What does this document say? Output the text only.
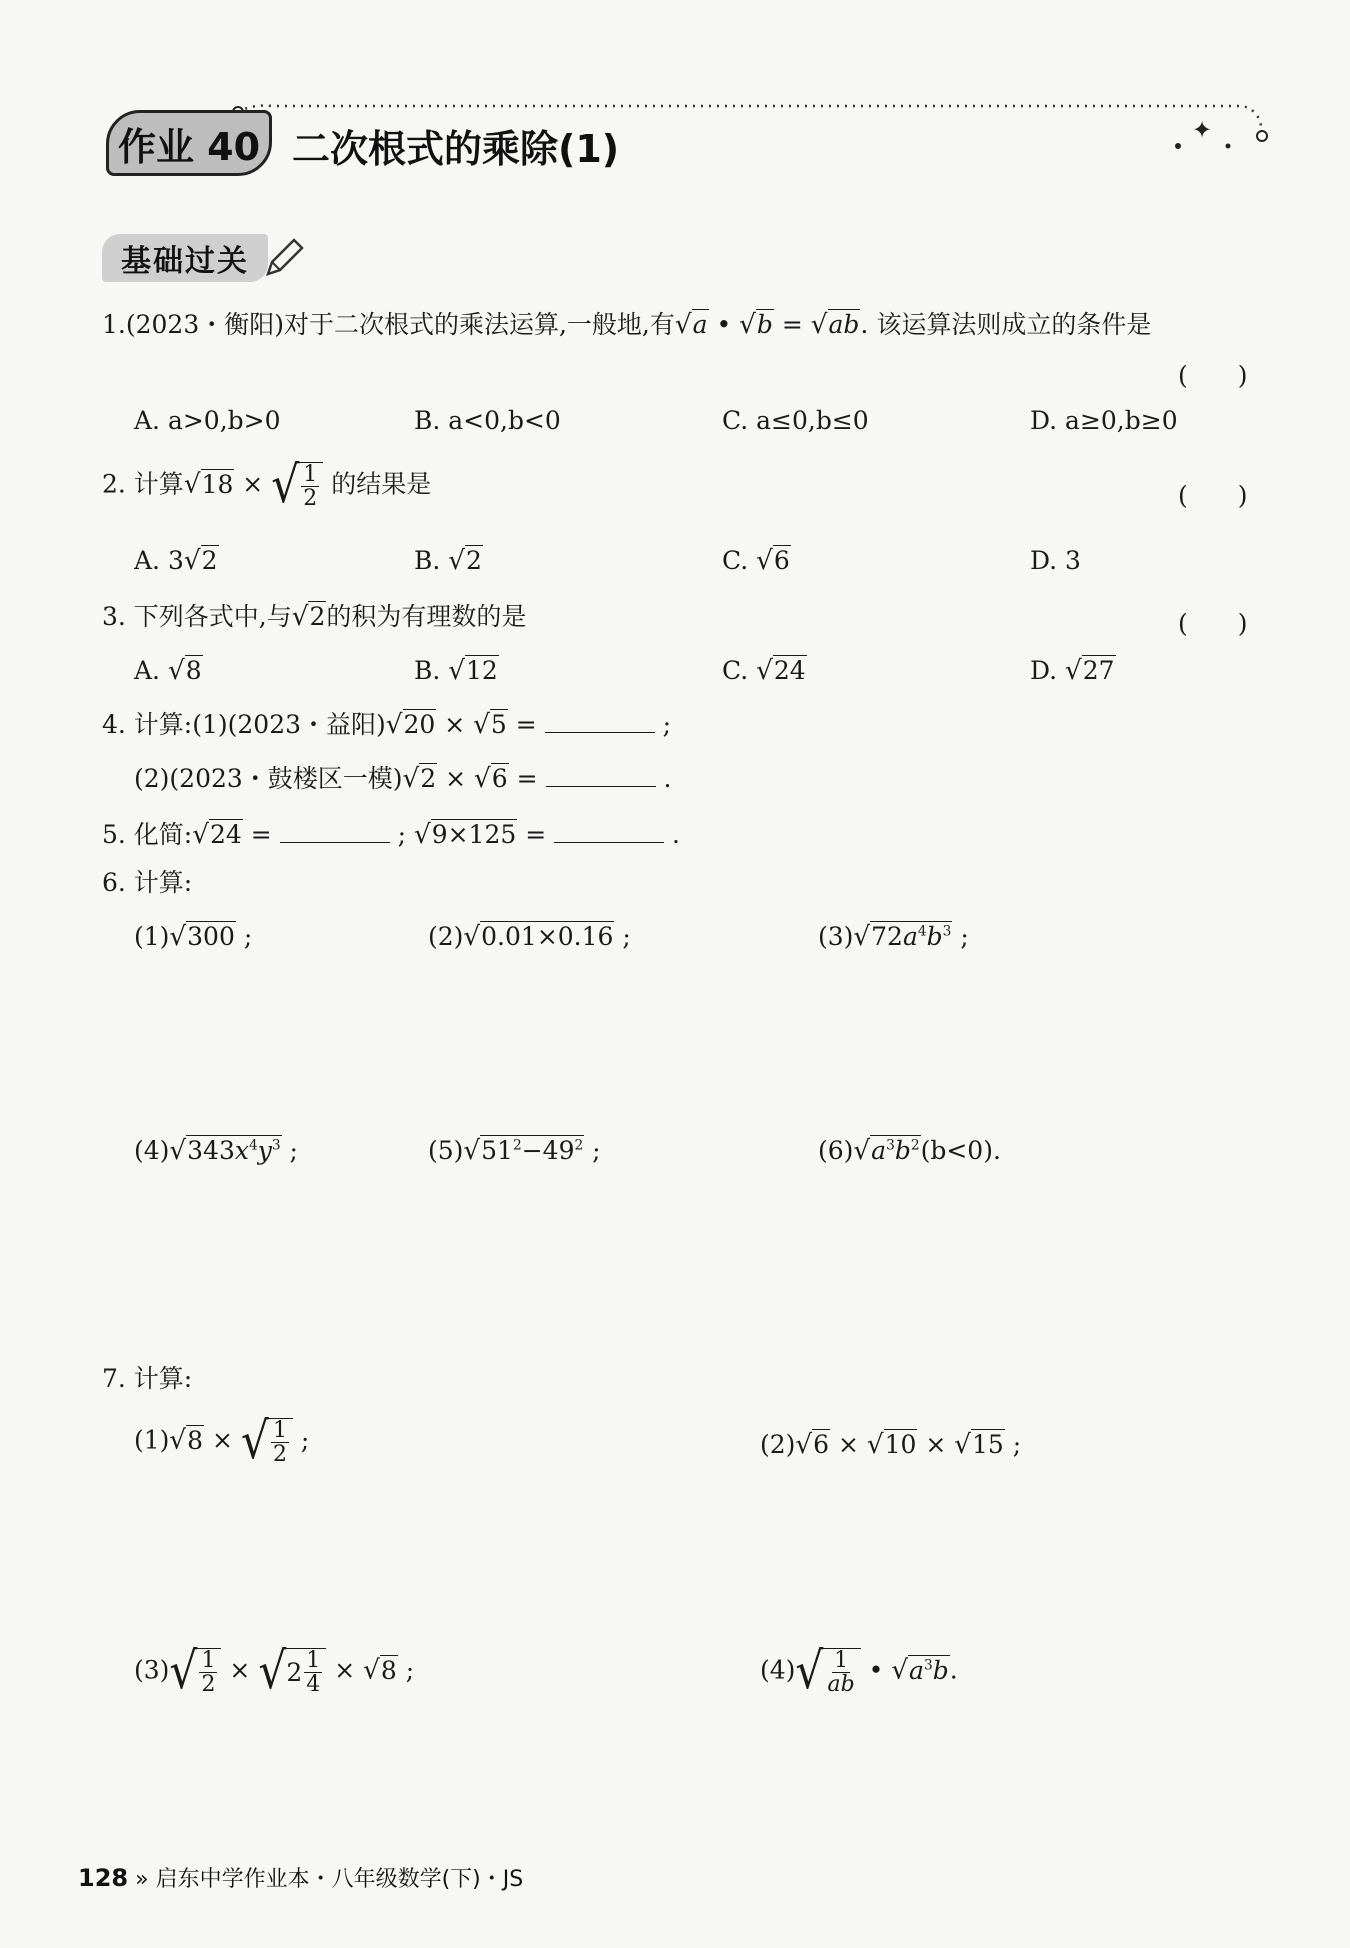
✦
作业 40 二次根式的乘除(1)
基础过关
1.(2023・衡阳)对于二次根式的乘法运算,一般地,有√a • √b = √ab. 该运算法则成立的条件是
(　　)
A. a>0,b>0	B. a<0,b<0	C. a≤0,b≤0	D. a≥0,b≥0
2. 计算√18 × √ $\frac{1}{2}$ 的结果是	(　　)
A. 3√2	B. √2	C. √6	D. 3
3. 下列各式中,与√2的积为有理数的是	(　　)
A. √8	B. √12	C. √24	D. √27
4. 计算:(1)(2023・益阳)√20 × √5 =	;
(2)(2023・鼓楼区一模)√2 × √6 =	.
5. 化简:√24 =	; √9×125 =	.
6. 计算:
(1)√300 ;	(2)√0.01×0.16 ;	$(3)√72a^4b^3$ ;
$(4)√343x^4y^3$ ;	$(5)√51^2-49^2$ ;	$(6)√a^3b^2(b<0)$.
7. 计算:
(1)√8 × √ $\frac{1}{2}$ ;	(2)√6 × √10 × √15 ;
(3) √ $\frac{1}{2}$ × √ $2 \frac{1}{4} \times √8$ ;	(4) √ $\frac{1}{ab}$ • $√a^3b$.
128 » 启东中学作业本・八年级数学(下)・JS
